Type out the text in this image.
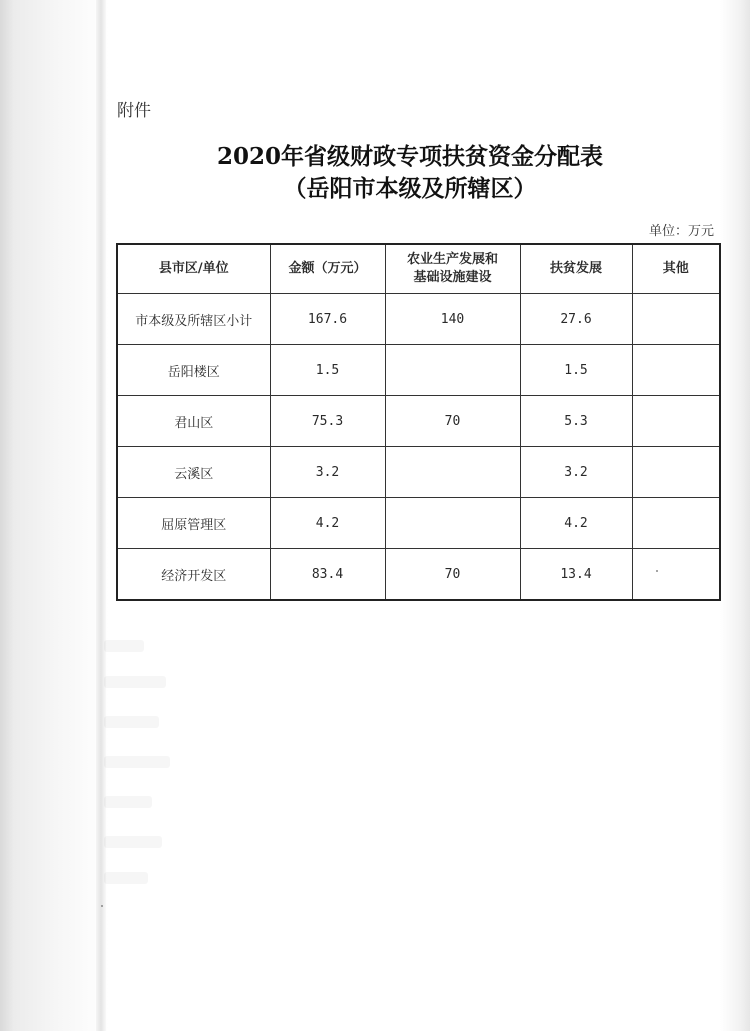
附件
2020年省级财政专项扶贫资金分配表
（岳阳市本级及所辖区）
单位：万元
县市区/单位	金额（万元）	农业生产发展和
基础设施建设	扶贫发展	其他
市本级及所辖区小计	167.6	140	27.6	
岳阳楼区	1.5		1.5	
君山区	75.3	70	5.3	
云溪区	3.2		3.2	
屈原管理区	4.2		4.2	
经济开发区	83.4	70	13.4	
